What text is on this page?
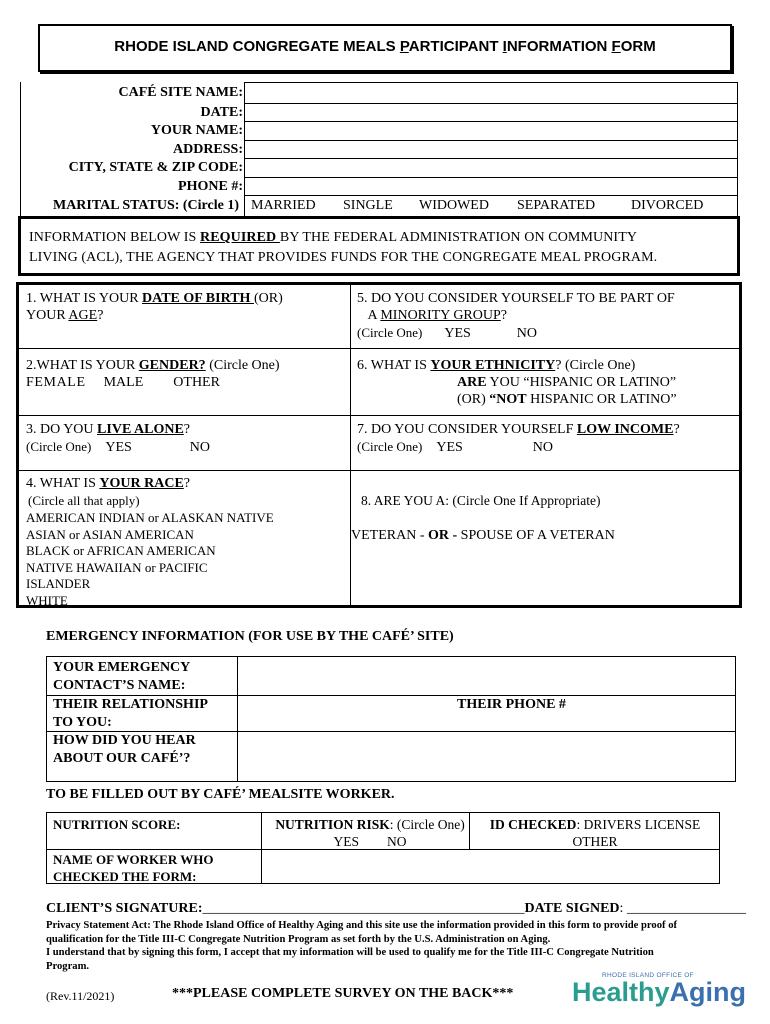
RHODE ISLAND CONGREGATE MEALS PARTICIPANT INFORMATION FORM
CAFÉ SITE NAME:
DATE:
YOUR NAME:
ADDRESS:
CITY, STATE & ZIP CODE:
PHONE #:
MARITAL STATUS: (Circle 1) MARRIED SINGLE WIDOWED SEPARATED	DIVORCED
INFORMATION BELOW IS REQUIRED BY THE FEDERAL ADMINISTRATION ON COMMUNITY
LIVING (ACL), THE AGENCY THAT PROVIDES FUNDS FOR THE CONGREGATE MEAL PROGRAM.
1. WHAT IS YOUR DATE OF BIRTH (OR)
YOUR AGE?
5. DO YOU CONSIDER YOURSELF TO BE PART OF
A MINORITY GROUP?
(Circle One) YES	NO
2.WHAT IS YOUR GENDER? (Circle One)
FEMALE MALE OTHER
6. WHAT IS YOUR ETHNICITY? (Circle One)
ARE YOU “HISPANIC OR LATINO”
(OR) “NOT HISPANIC OR LATINO”
3. DO YOU LIVE ALONE?
(Circle One) YES	NO
7. DO YOU CONSIDER YOURSELF LOW INCOME?
(Circle One) YES	NO
4. WHAT IS YOUR RACE?
(Circle all that apply)
AMERICAN INDIAN or ALASKAN NATIVE
ASIAN or ASIAN AMERICAN
BLACK or AFRICAN AMERICAN
NATIVE HAWAIIAN or PACIFIC
ISLANDER
WHITE
8. ARE YOU A: (Circle One If Appropriate)
VETERAN - OR - SPOUSE OF A VETERAN
EMERGENCY INFORMATION (FOR USE BY THE CAFÉ’ SITE)
YOUR EMERGENCY
CONTACT’S NAME:
THEIR RELATIONSHIP
TO YOU:
THEIR PHONE #
HOW DID YOU HEAR
ABOUT OUR CAFÉ’?
TO BE FILLED OUT BY CAFÉ’ MEALSITE WORKER.
NUTRITION SCORE:	NUTRITION RISK: (Circle One)
YES NO
ID CHECKED: DRIVERS LICENSE
OTHER
NAME OF WORKER WHO
CHECKED THE FORM:
CLIENT’S SIGNATURE:______________________________________________DATE SIGNED: _________________
Privacy Statement Act: The Rhode Island Office of Healthy Aging and this site use the information provided in this form to provide proof of
qualification for the Title III-C Congregate Nutrition Program as set forth by the U.S. Administration on Aging.
I understand that by signing this form, I accept that my information will be used to qualify me for the Title III-C Congregate Nutrition
Program.
(Rev.11/2021)	***PLEASE COMPLETE SURVEY ON THE BACK***
RHODE ISLAND OFFICE OF
HealthyAging
